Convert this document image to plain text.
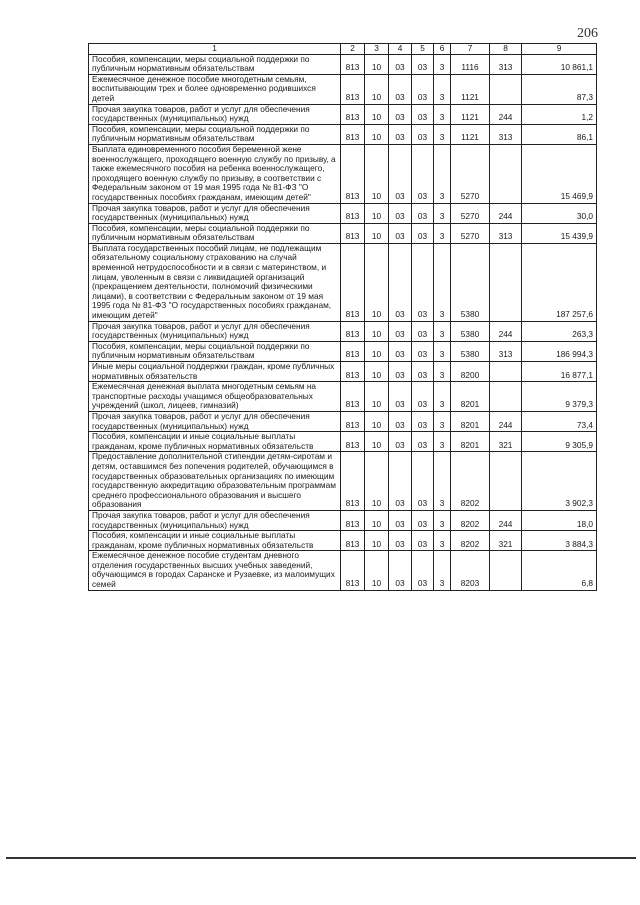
206
1	2	3	4	5	6	7	8	9
Пособия, компенсации, меры социальной поддержки по публичным нормативным обязательствам	813	10	03	03	3	1116	313	10 861,1
Ежемесячное денежное пособие многодетным семьям, воспитывающим трех и более одновременно родившихся детей	813	10	03	03	3	1121		87,3
Прочая закупка товаров, работ и услуг для обеспечения государственных (муниципальных) нужд	813	10	03	03	3	1121	244	1,2
Пособия, компенсации, меры социальной поддержки по публичным нормативным обязательствам	813	10	03	03	3	1121	313	86,1
Выплата единовременного пособия беременной жене военнослужащего, проходящего военную службу по призыву, а также ежемесячного пособия на ребенка военнослужащего, проходящего военную службу по призыву, в соответствии с Федеральным законом от 19 мая 1995 года № 81-ФЗ "О государственных пособиях гражданам, имеющим детей"	813	10	03	03	3	5270		15 469,9
Прочая закупка товаров, работ и услуг для обеспечения государственных (муниципальных) нужд	813	10	03	03	3	5270	244	30,0
Пособия, компенсации, меры социальной поддержки по публичным нормативным обязательствам	813	10	03	03	3	5270	313	15 439,9
Выплата государственных пособий лицам, не подлежащим обязательному социальному страхованию на случай временной нетрудоспособности и в связи с материнством, и лицам, уволенным в связи с ликвидацией организаций (прекращением деятельности, полномочий физическими лицами), в соответствии с Федеральным законом от 19 мая 1995 года № 81-ФЗ "О государственных пособиях гражданам, имеющим детей"	813	10	03	03	3	5380		187 257,6
Прочая закупка товаров, работ и услуг для обеспечения государственных (муниципальных) нужд	813	10	03	03	3	5380	244	263,3
Пособия, компенсации, меры социальной поддержки по публичным нормативным обязательствам	813	10	03	03	3	5380	313	186 994,3
Иные меры социальной поддержки граждан, кроме публичных нормативных обязательств	813	10	03	03	3	8200		16 877,1
Ежемесячная денежная выплата многодетным семьям на транспортные расходы учащимся общеобразовательных учреждений (школ, лицеев, гимназий)	813	10	03	03	3	8201		9 379,3
Прочая закупка товаров, работ и услуг для обеспечения государственных (муниципальных) нужд	813	10	03	03	3	8201	244	73,4
Пособия, компенсации и иные социальные выплаты гражданам, кроме публичных нормативных обязательств	813	10	03	03	3	8201	321	9 305,9
Предоставление дополнительной стипендии детям-сиротам и детям, оставшимся без попечения родителей, обучающимся в государственных образовательных организациях по имеющим государственную аккредитацию образовательным программам среднего профессионального образования и высшего образования	813	10	03	03	3	8202		3 902,3
Прочая закупка товаров, работ и услуг для обеспечения государственных (муниципальных) нужд	813	10	03	03	3	8202	244	18,0
Пособия, компенсации и иные социальные выплаты гражданам, кроме публичных нормативных обязательств	813	10	03	03	3	8202	321	3 884,3
Ежемесячное денежное пособие студентам дневного отделения государственных высших учебных заведений, обучающимся в городах Саранске и Рузаевке, из малоимущих семей	813	10	03	03	3	8203		6,8
